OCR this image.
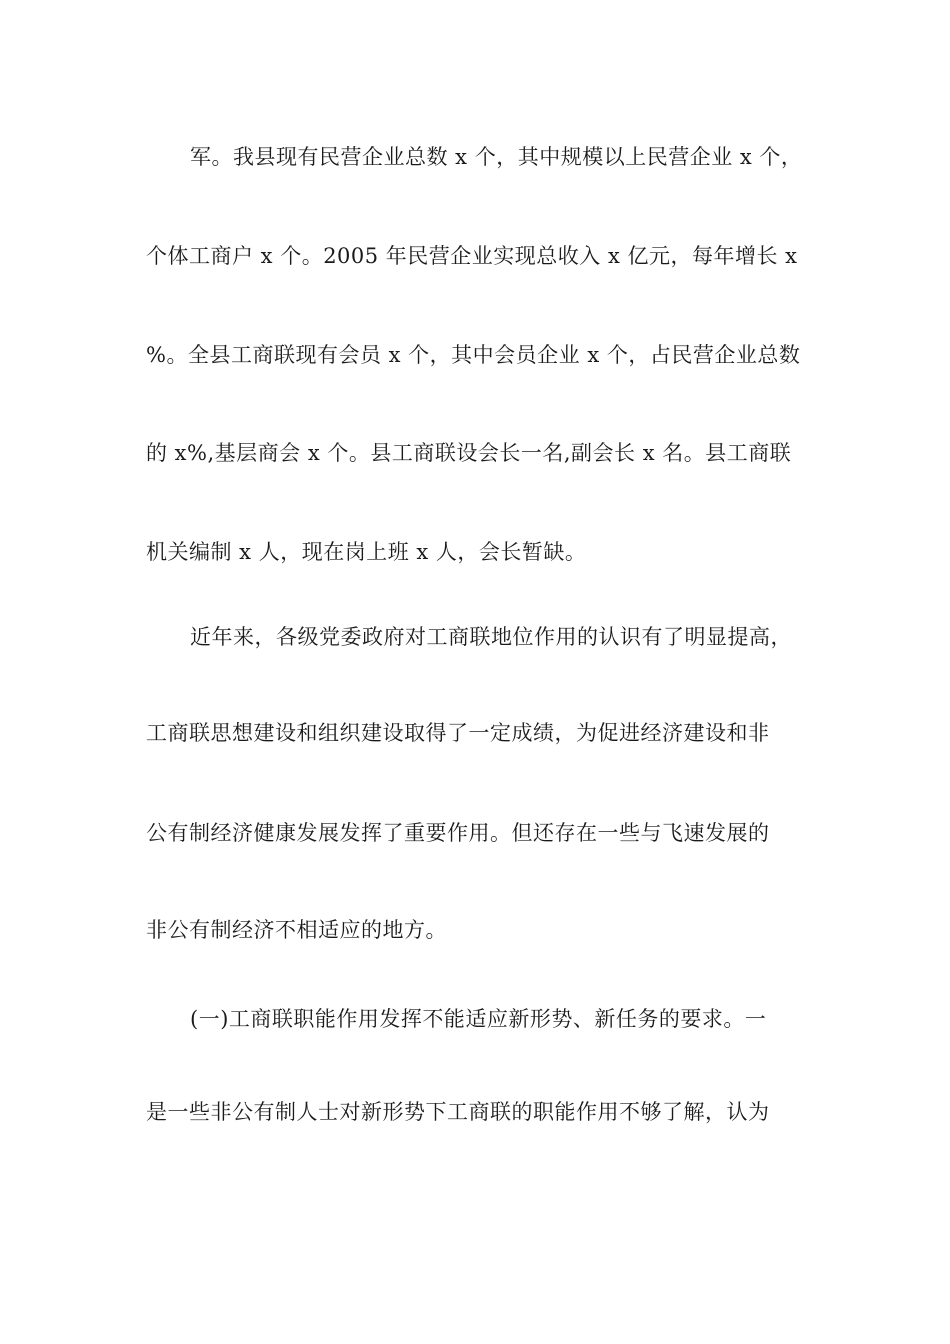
军。我县现有民营企业总数 x 个，其中规模以上民营企业 x 个，
个体工商户 x 个。2005 年民营企业实现总收入 x 亿元，每年增长 x
%。全县工商联现有会员 x 个，其中会员企业 x 个，占民营企业总数
的 x%,基层商会 x 个。县工商联设会长一名,副会长 x 名。县工商联
机关编制 x 人，现在岗上班 x 人，会长暂缺。
近年来，各级党委政府对工商联地位作用的认识有了明显提高，
工商联思想建设和组织建设取得了一定成绩，为促进经济建设和非
公有制经济健康发展发挥了重要作用。但还存在一些与飞速发展的
非公有制经济不相适应的地方。
(一)工商联职能作用发挥不能适应新形势、新任务的要求。一
是一些非公有制人士对新形势下工商联的职能作用不够了解，认为
